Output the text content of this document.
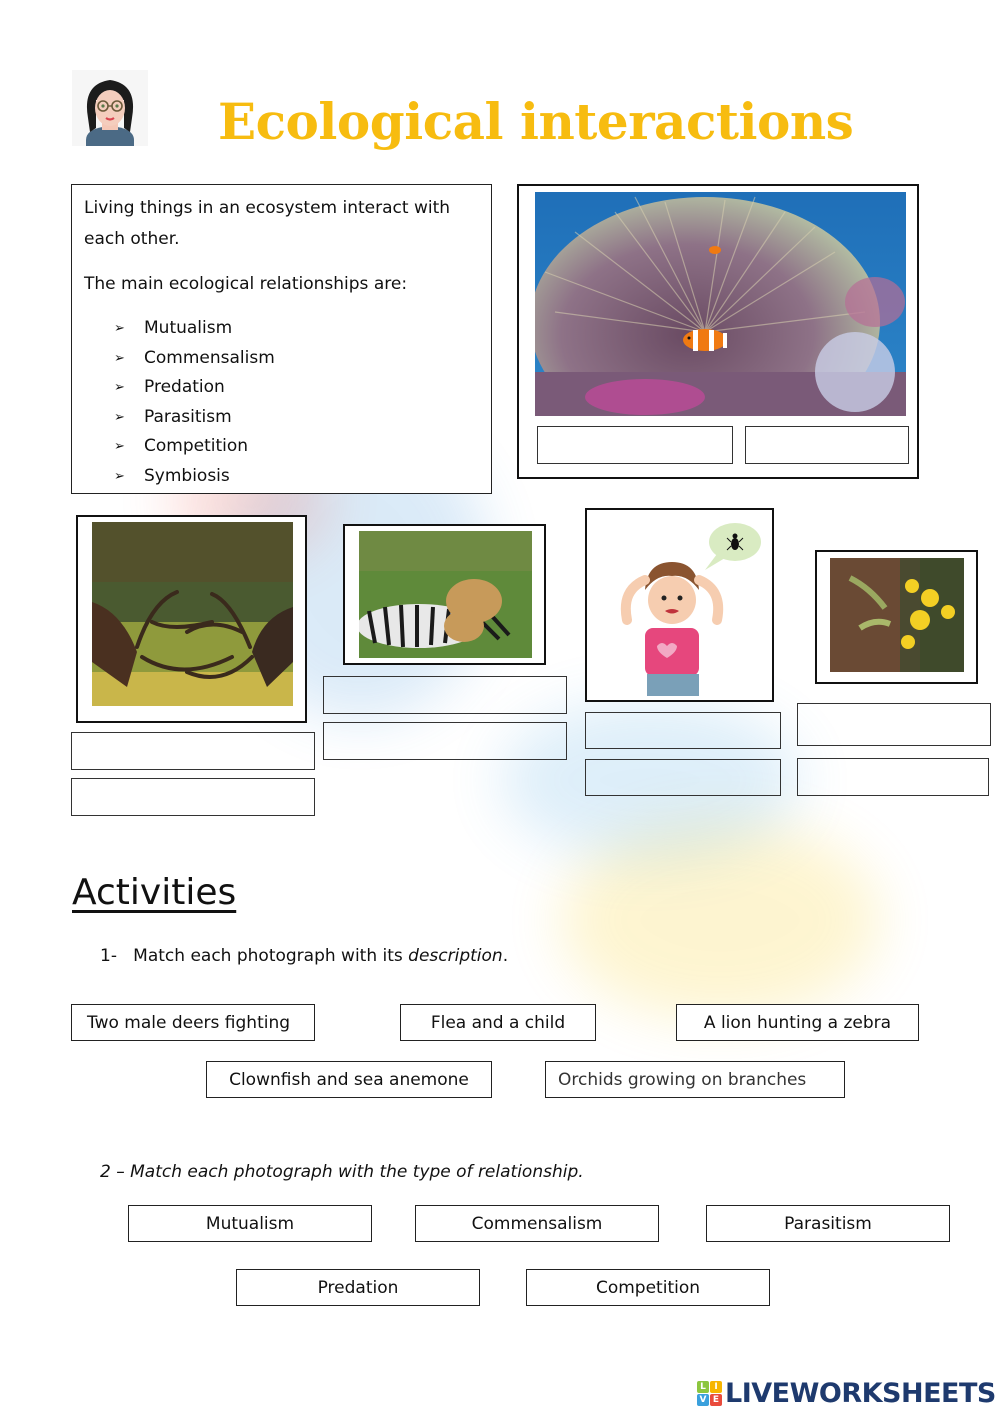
Ecological interactions

Living things in an ecosystem interact with each other.

The main ecological relationships are:

➢	Mutualism
➢	Commensalism
➢	Predation
➢	Parasitism
➢	Competition
➢	Symbiosis
Activities
1- Match each photograph with its description.
Two male deers fighting	Flea and a child	A lion hunting a zebra
Clownfish and sea anemone	Orchids growing on branches
2 – Match each photograph with the type of relationship.
Mutualism	Commensalism	Parasitism
Predation	Competition
L I
V E LIVEWORKSHEETS
